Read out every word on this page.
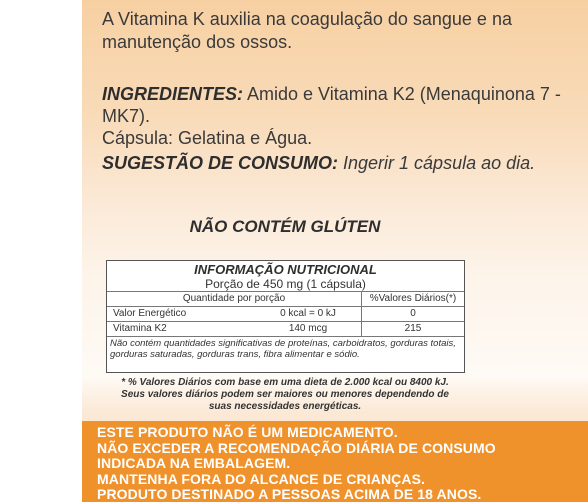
A Vitamina K auxilia na coagulação do sangue e na manutenção dos ossos.
INGREDIENTES: Amido e Vitamina K2 (Menaquinona 7 -MK7).
Cápsula: Gelatina e Água.
SUGESTÃO DE CONSUMO: Ingerir 1 cápsula ao dia.
NÃO CONTÉM GLÚTEN
INFORMAÇÃO NUTRICIONAL
Porção de 450 mg (1 cápsula)
Quantidade por porção	%Valores Diários(*)
Valor Energético	0 kcal = 0 kJ	0
Vitamina K2	140 mcg	215
Não contém quantidades significativas de proteínas, carboidratos, gorduras totais, gorduras saturadas, gorduras trans, fibra alimentar e sódio.
* % Valores Diários com base em uma dieta de 2.000 kcal ou 8400 kJ. Seus valores diários podem ser maiores ou menores dependendo de suas necessidades energéticas.
ESTE PRODUTO NÃO É UM MEDICAMENTO.
NÃO EXCEDER A RECOMENDAÇÃO DIÁRIA DE CONSUMO
INDICADA NA EMBALAGEM.
MANTENHA FORA DO ALCANCE DE CRIANÇAS.
PRODUTO DESTINADO A PESSOAS ACIMA DE 18 ANOS.
